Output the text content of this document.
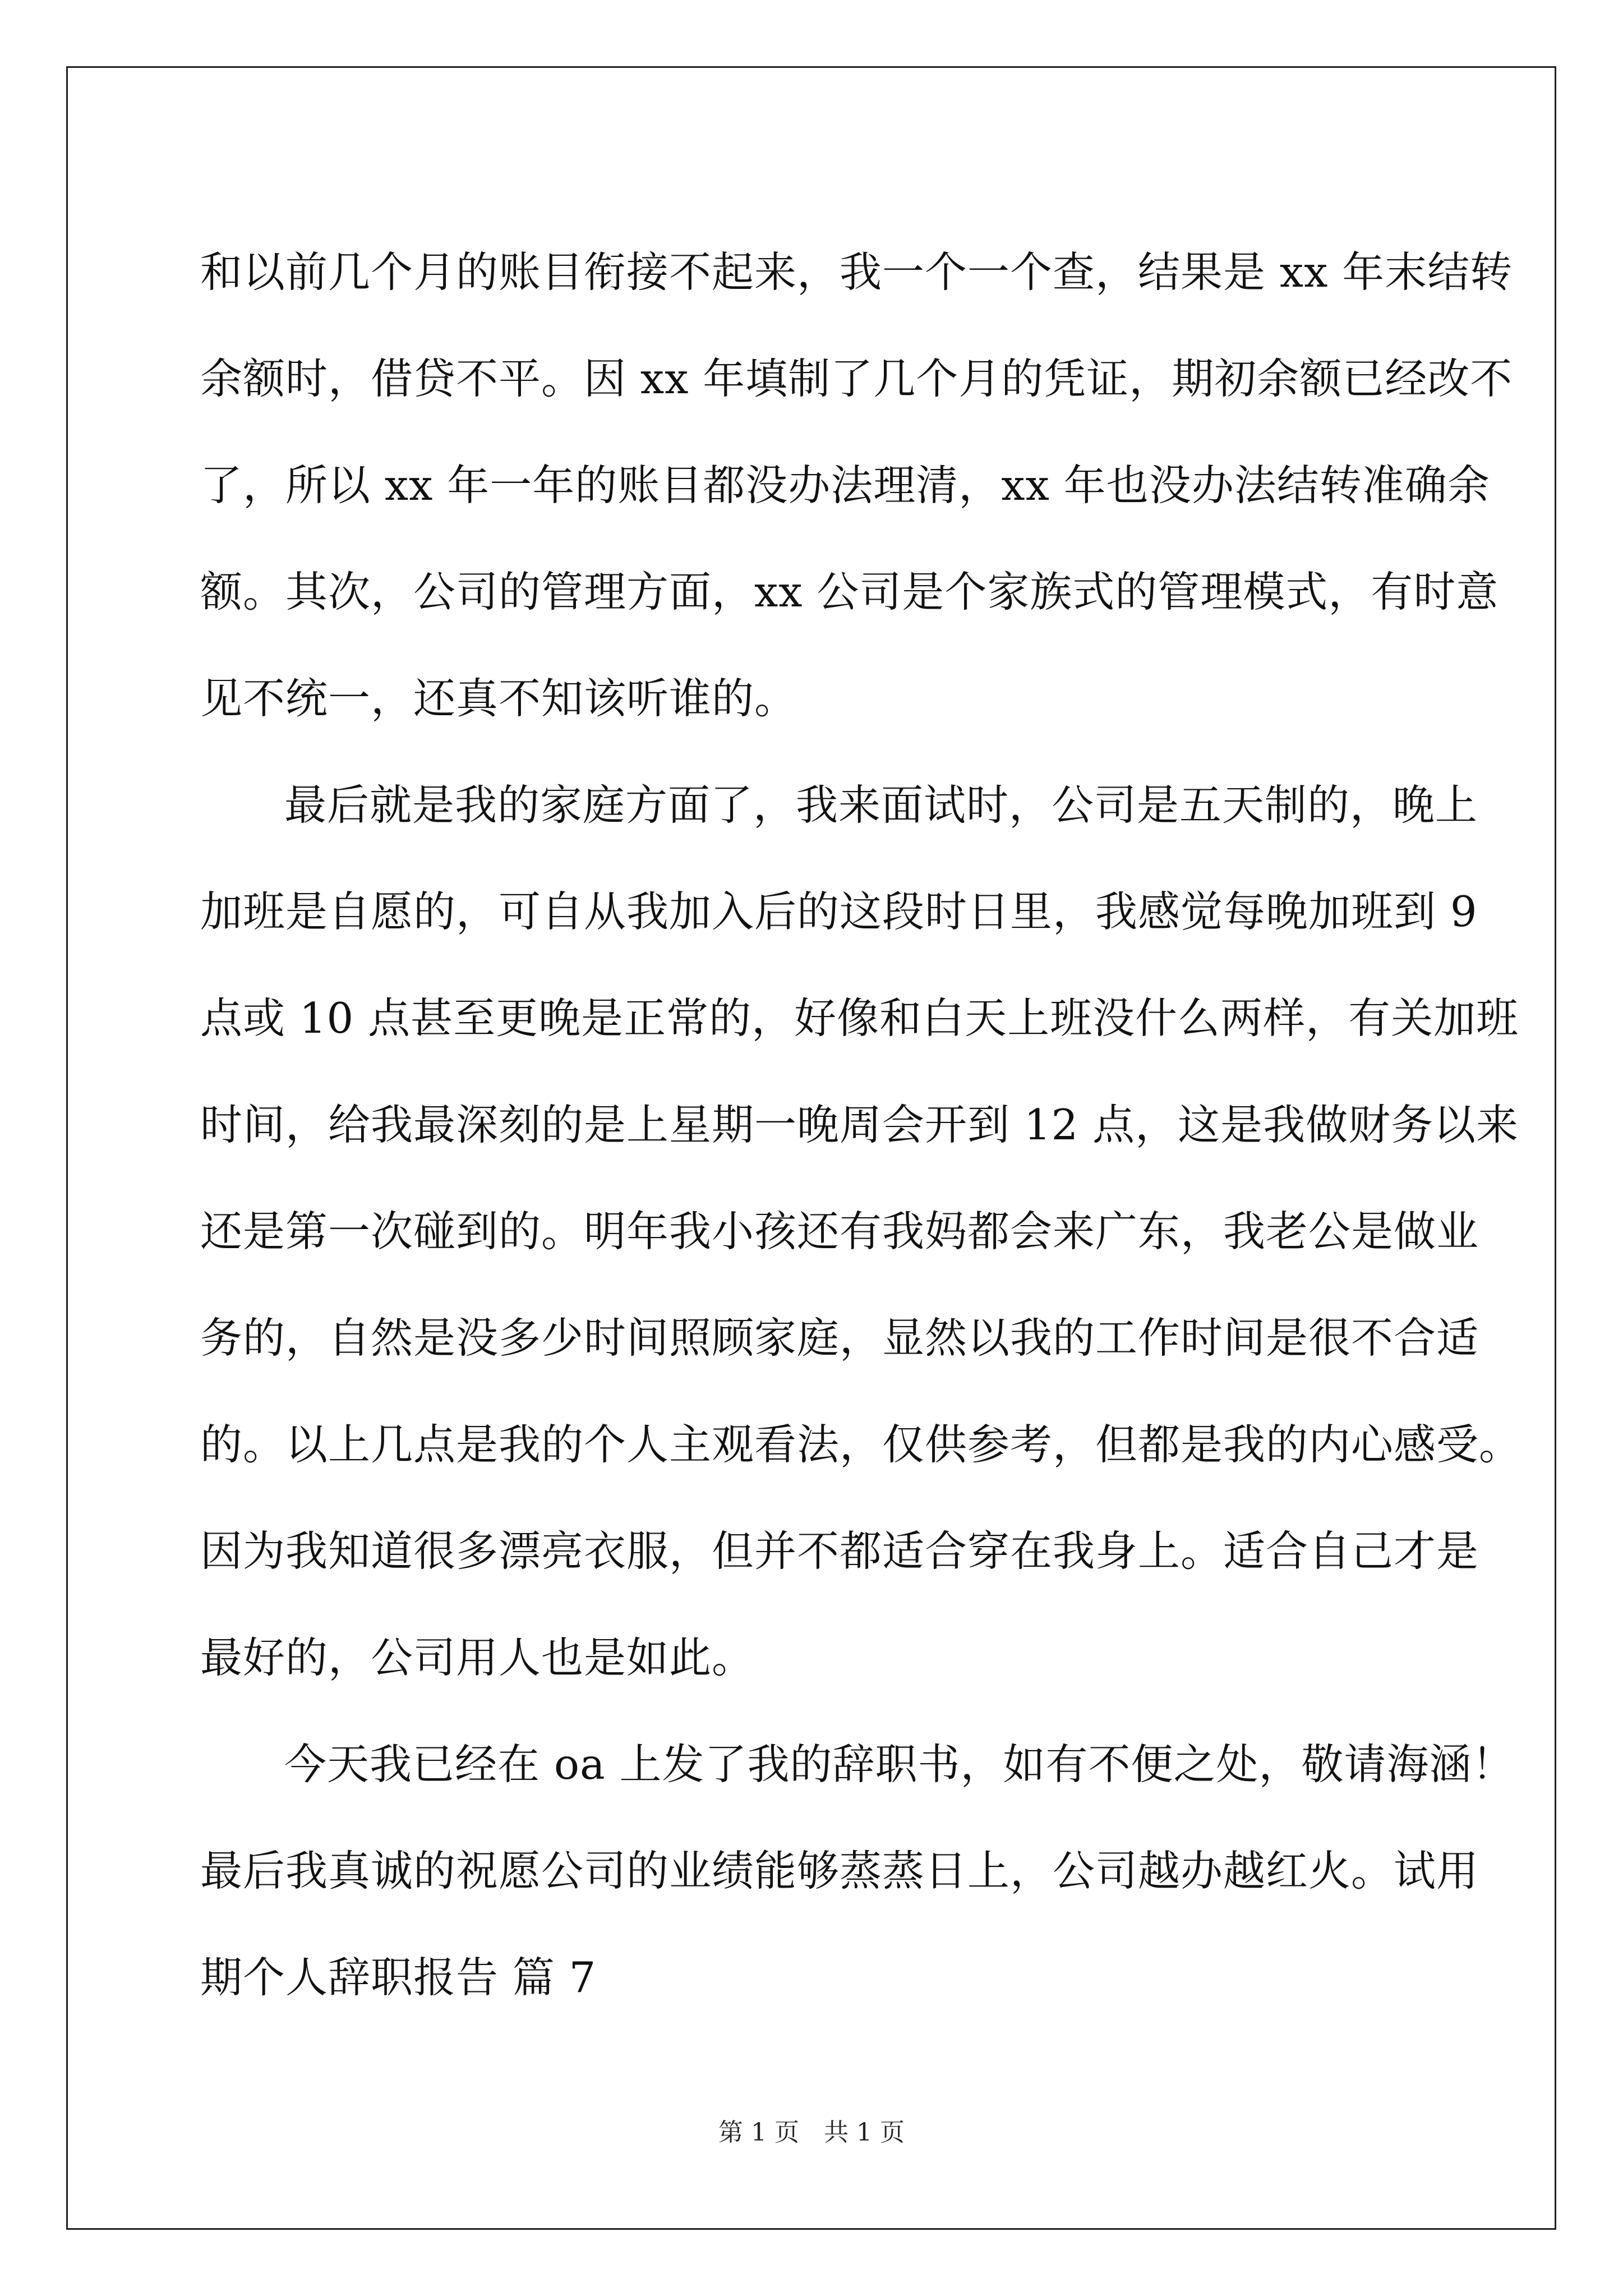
和以前几个月的账目衔接不起来，我一个一个查，结果是 xx 年末结转
余额时，借贷不平。因 xx 年填制了几个月的凭证，期初余额已经改不
了，所以 xx 年一年的账目都没办法理清，xx 年也没办法结转准确余
额。其次，公司的管理方面，xx 公司是个家族式的管理模式，有时意
见不统一，还真不知该听谁的。
最后就是我的家庭方面了，我来面试时，公司是五天制的，晚上
加班是自愿的，可自从我加入后的这段时日里，我感觉每晚加班到 9
点或 10 点甚至更晚是正常的，好像和白天上班没什么两样，有关加班
时间，给我最深刻的是上星期一晚周会开到 12 点，这是我做财务以来
还是第一次碰到的。明年我小孩还有我妈都会来广东，我老公是做业
务的，自然是没多少时间照顾家庭，显然以我的工作时间是很不合适
的。以上几点是我的个人主观看法，仅供参考，但都是我的内心感受。
因为我知道很多漂亮衣服，但并不都适合穿在我身上。适合自己才是
最好的，公司用人也是如此。
今天我已经在 oa 上发了我的辞职书，如有不便之处，敬请海涵！
最后我真诚的祝愿公司的业绩能够蒸蒸日上，公司越办越红火。试用
期个人辞职报告 篇 7
第 1 页　共 1 页
